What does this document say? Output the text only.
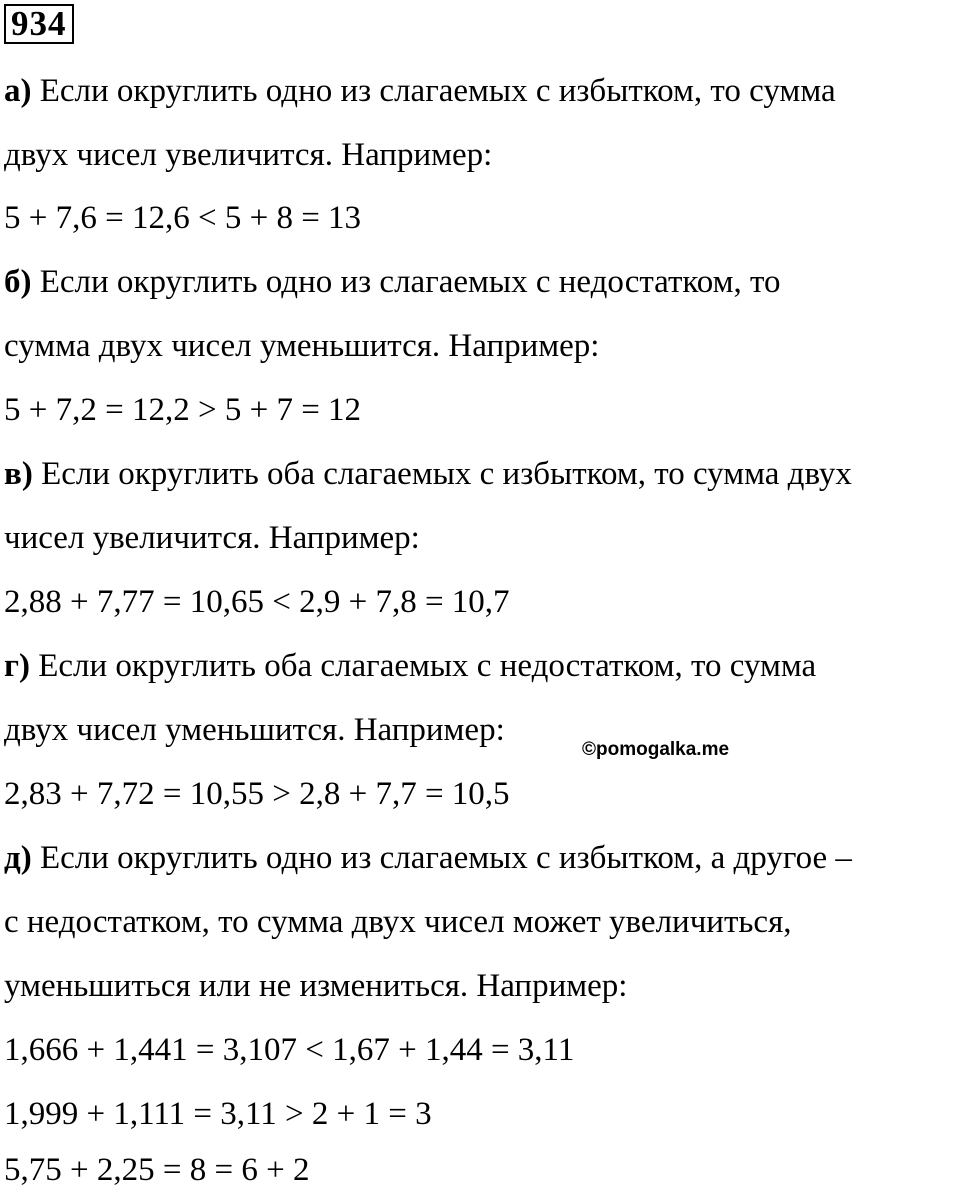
934
а) Если округлить одно из слагаемых с избытком, то сумма
двух чисел увеличится. Например:
5 + 7,6 = 12,6 < 5 + 8 = 13
б) Если округлить одно из слагаемых с недостатком, то
сумма двух чисел уменьшится. Например:
5 + 7,2 = 12,2 > 5 + 7 = 12
в) Если округлить оба слагаемых с избытком, то сумма двух
чисел увеличится. Например:
2,88 + 7,77 = 10,65 < 2,9 + 7,8 = 10,7
г) Если округлить оба слагаемых с недостатком, то сумма
двух чисел уменьшится. Например:
2,83 + 7,72 = 10,55 > 2,8 + 7,7 = 10,5
©pomogalka.me
д) Если округлить одно из слагаемых с избытком, а другое –
с недостатком, то сумма двух чисел может увеличиться,
уменьшиться или не измениться. Например:
1,666 + 1,441 = 3,107 < 1,67 + 1,44 = 3,11
1,999 + 1,111 = 3,11 > 2 + 1 = 3
5,75 + 2,25 = 8 = 6 + 2
